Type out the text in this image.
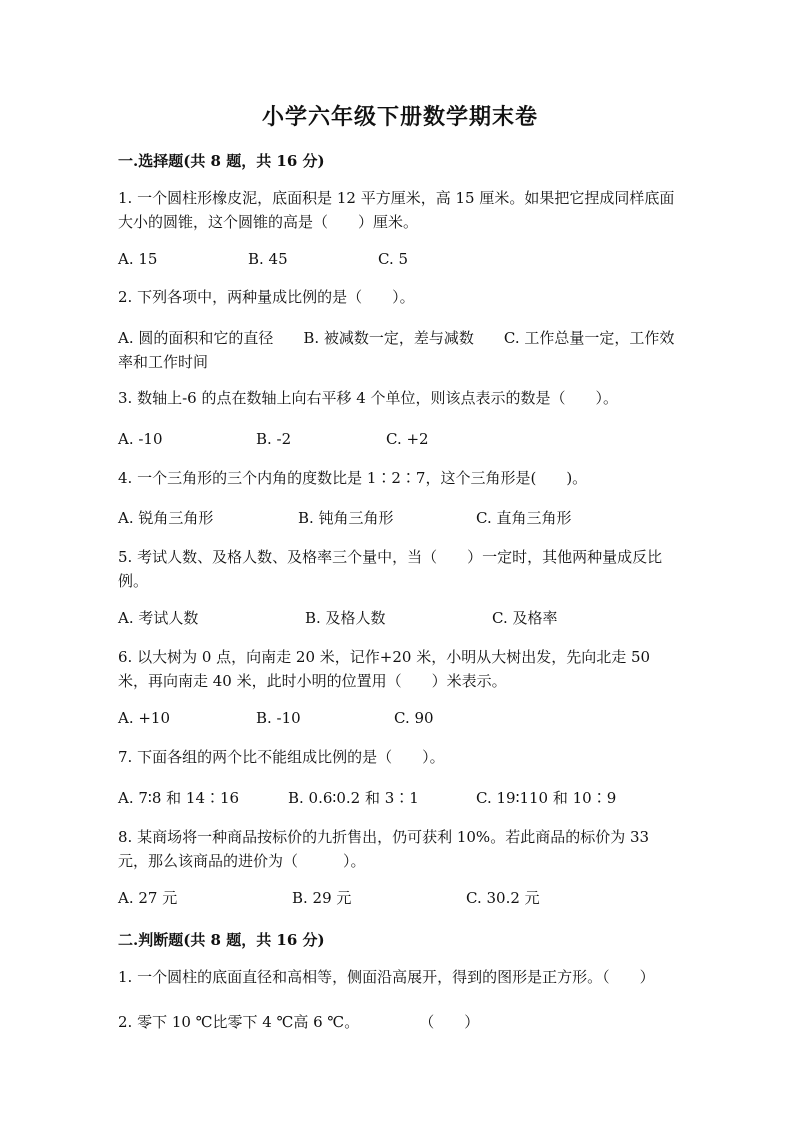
小学六年级下册数学期末卷
一.选择题(共 8 题，共 16 分)
1. 一个圆柱形橡皮泥，底面积是 12 平方厘米，高 15 厘米。如果把它捏成同样底面大小的圆锥，这个圆锥的高是（　　）厘米。
A. 15	B. 45	C. 5
2. 下列各项中，两种量成比例的是（　　）。
A. 圆的面积和它的直径　　B. 被减数一定，差与减数　　C. 工作总量一定，工作效率和工作时间
3. 数轴上-6 的点在数轴上向右平移 4 个单位，则该点表示的数是（　　）。
A. -10	B. -2	C. +2
4. 一个三角形的三个内角的度数比是 1∶2∶7，这个三角形是(　　)。
A. 锐角三角形	B. 钝角三角形	C. 直角三角形
5. 考试人数、及格人数、及格率三个量中，当（　　）一定时，其他两种量成反比例。
A. 考试人数	B. 及格人数	C. 及格率
6. 以大树为 0 点，向南走 20 米，记作+20 米，小明从大树出发，先向北走 50 米，再向南走 40 米，此时小明的位置用（　　）米表示。
A. +10	B. -10	C. 90
7. 下面各组的两个比不能组成比例的是（　　）。
A. 7∶8 和 14∶16	B. 0.6∶0.2 和 3∶1	C. 19∶110 和 10∶9
8. 某商场将一种商品按标价的九折售出，仍可获利 10%。若此商品的标价为 33 元，那么该商品的进价为（　　　）。
A. 27 元	B. 29 元	C. 30.2 元
二.判断题(共 8 题，共 16 分)
1. 一个圆柱的底面直径和高相等，侧面沿高展开，得到的图形是正方形。（　　）
2. 零下 10 ℃比零下 4 ℃高 6 ℃。　　　　　（　　）
